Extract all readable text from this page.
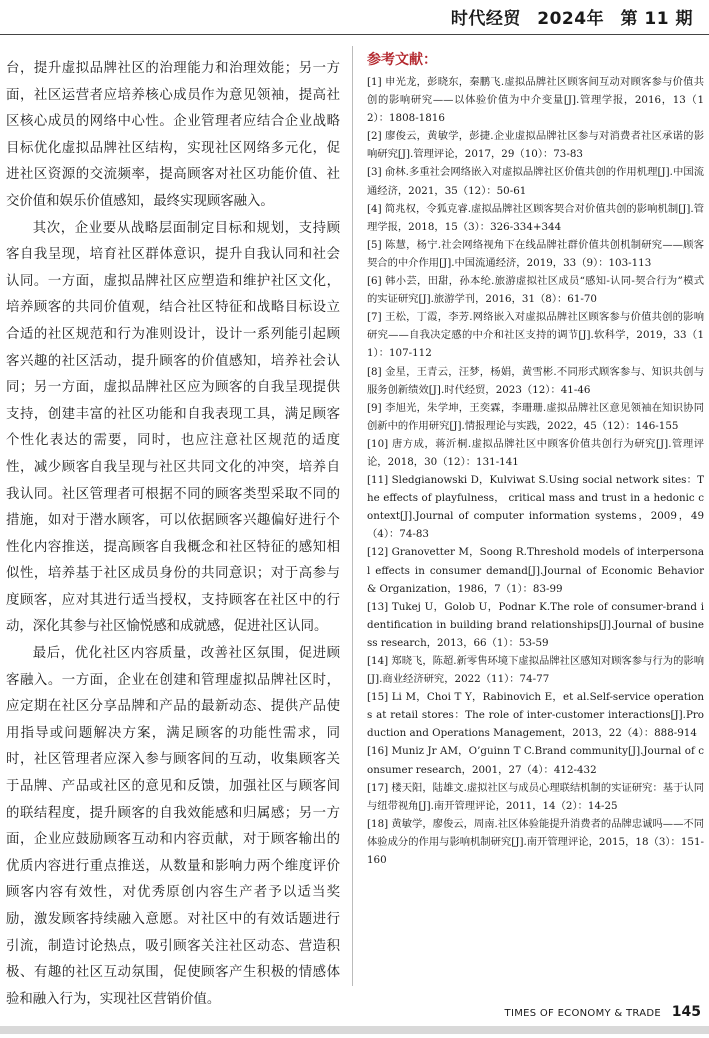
时代经贸 2024年 第 11 期

台，提升虚拟品牌社区的治理能力和治理效能；另一方面，社区运营者应培养核心成员作为意见领袖，提高社区核心成员的网络中心性。企业管理者应结合企业战略目标优化虚拟品牌社区结构，实现社区网络多元化，促进社区资源的交流频率，提高顾客对社区功能价值、社交价值和娱乐价值感知，最终实现顾客融入。

其次，企业要从战略层面制定目标和规划，支持顾客自我呈现，培育社区群体意识，提升自我认同和社会认同。一方面，虚拟品牌社区应塑造和维护社区文化，培养顾客的共同价值观，结合社区特征和战略目标设立合适的社区规范和行为准则设计，设计一系列能引起顾客兴趣的社区活动，提升顾客的价值感知，培养社会认同；另一方面，虚拟品牌社区应为顾客的自我呈现提供支持，创建丰富的社区功能和自我表现工具，满足顾客个性化表达的需要，同时，也应注意社区规范的适度性，减少顾客自我呈现与社区共同文化的冲突，培养自我认同。社区管理者可根据不同的顾客类型采取不同的措施，如对于潜水顾客，可以依据顾客兴趣偏好进行个性化内容推送，提高顾客自我概念和社区特征的感知相似性，培养基于社区成员身份的共同意识；对于高参与度顾客，应对其进行适当授权，支持顾客在社区中的行动，深化其参与社区愉悦感和成就感，促进社区认同。

最后，优化社区内容质量，改善社区氛围，促进顾客融入。一方面，企业在创建和管理虚拟品牌社区时，应定期在社区分享品牌和产品的最新动态、提供产品使用指导或问题解决方案，满足顾客的功能性需求，同时，社区管理者应深入参与顾客间的互动，收集顾客关于品牌、产品或社区的意见和反馈，加强社区与顾客间的联结程度，提升顾客的自我效能感和归属感；另一方面，企业应鼓励顾客互动和内容贡献，对于顾客输出的优质内容进行重点推送，从数量和影响力两个维度评价顾客内容有效性，对优秀原创内容生产者予以适当奖励，激发顾客持续融入意愿。对社区中的有效话题进行引流，制造讨论热点，吸引顾客关注社区动态、营造积极、有趣的社区互动氛围，促使顾客产生积极的情感体验和融入行为，实现社区营销价值。

参考文献：

[1] 申光龙，彭晓东，秦鹏飞.虚拟品牌社区顾客间互动对顾客参与价值共创的影响研究——以体验价值为中介变量[J].管理学报，2016，13（12）：1808-1816

[2] 廖俊云，黄敏学，彭捷.企业虚拟品牌社区参与对消费者社区承诺的影响研究[J].管理评论，2017，29（10）：73-83

[3] 俞林.多重社会网络嵌入对虚拟品牌社区价值共创的作用机理[J].中国流通经济，2021，35（12）：50-61

[4] 简兆权，令狐克睿.虚拟品牌社区顾客契合对价值共创的影响机制[J].管理学报，2018，15（3）：326-334+344

[5] 陈慧，杨宁.社会网络视角下在线品牌社群价值共创机制研究——顾客契合的中介作用[J].中国流通经济，2019，33（9）：103-113

[6] 韩小芸，田甜，孙本纶.旅游虚拟社区成员“感知-认同-契合行为”模式的实证研究[J].旅游学刊，2016，31（8）：61-70

[7] 王松，丁霞，李芳.网络嵌入对虚拟品牌社区顾客参与价值共创的影响研究——自我决定感的中介和社区支持的调节[J].软科学，2019，33（11）：107-112

[8] 金星，王青云，汪梦，杨娟，黄雪彬.不同形式顾客参与、知识共创与服务创新绩效[J].时代经贸，2023（12）：41-46

[9] 李旭光，朱学坤，王奕霖，李珊珊.虚拟品牌社区意见领袖在知识协同创新中的作用研究[J].情报理论与实践，2022，45（12）：146-155

[10] 唐方成，蒋沂桐.虚拟品牌社区中顾客价值共创行为研究[J].管理评论，2018，30（12）：131-141

[11] Sledgianowski D，Kulviwat S.Using social network sites：The effects of playfulness， critical mass and trust in a hedonic context[J].Journal of computer information systems，2009，49（4）：74-83

[12] Granovetter M，Soong R.Threshold models of interpersonal effects in consumer demand[J].Journal of Economic Behavior & Organization，1986，7（1）：83-99

[13] Tukej U，Golob U，Podnar K.The role of consumer-brand identification in building brand relationships[J].Journal of business research，2013，66（1）：53-59

[14] 郑晓飞，陈超.新零售环境下虚拟品牌社区感知对顾客参与行为的影响[J].商业经济研究，2022（11）：74-77

[15] Li M，Choi T Y，Rabinovich E，et al.Self-service operations at retail stores：The role of inter-customer interactions[J].Production and Operations Management，2013，22（4）：888-914

[16] Muniz Jr AM，O’guinn T C.Brand community[J].Journal of consumer research，2001，27（4）：412-432

[17] 楼天阳，陆雄文.虚拟社区与成员心理联结机制的实证研究：基于认同与纽带视角[J].南开管理评论，2011，14（2）：14-25

[18] 黄敏学，廖俊云，周南.社区体验能提升消费者的品牌忠诚吗——不同体验成分的作用与影响机制研究[J].南开管理评论，2015，18（3）：151-160

TIMES OF ECONOMY & TRADE 145
